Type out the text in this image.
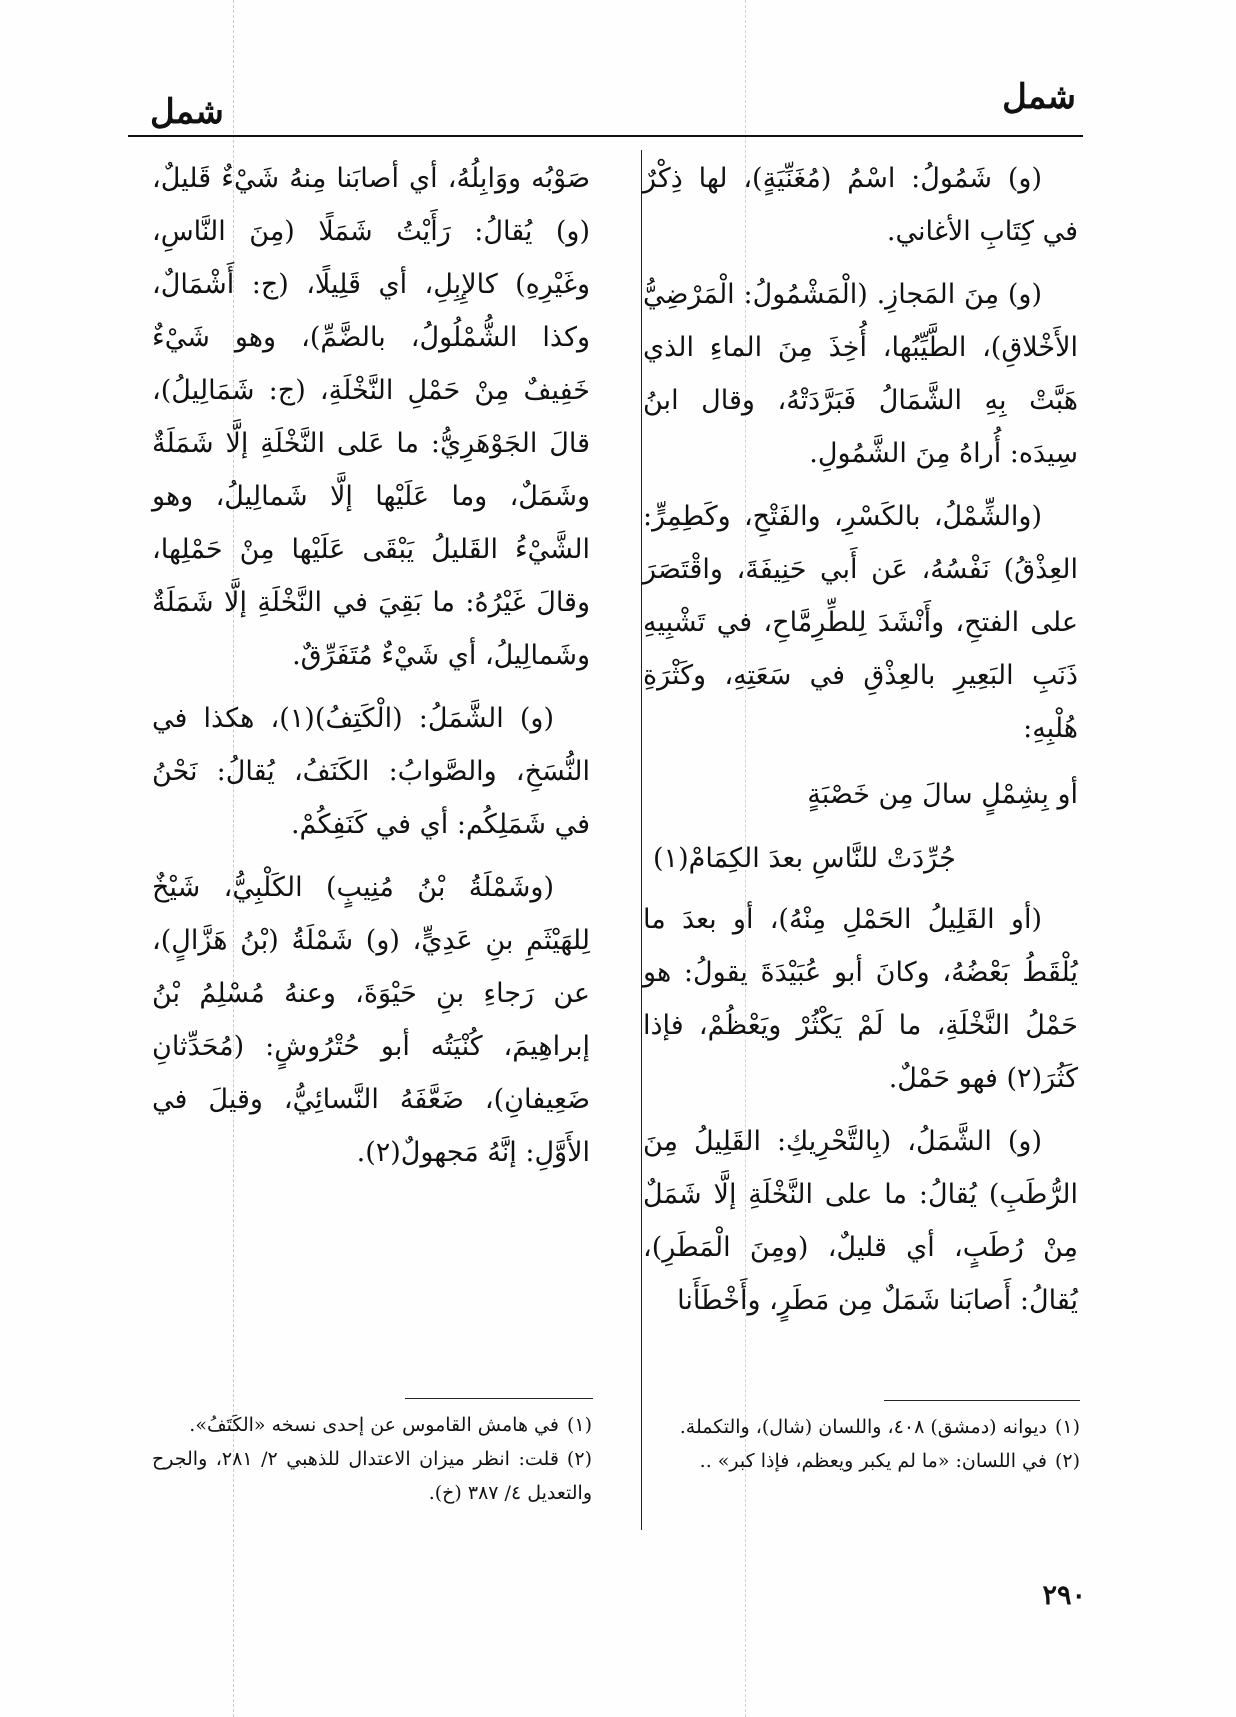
شمل
شمل

(و) شَمُولُ: اسْمُ (مُغَنِّيَةٍ)، لها ذِكْرٌ في كِتَابِ الأغاني.

(و) مِنَ المَجازِ. (الْمَشْمُولُ: الْمَرْضِيُّ الأَخْلاقِ)، الطَّيِّبُها، أُخِذَ مِنَ الماءِ الذي هَبَّتْ بِهِ الشَّمَالُ فَبَرَّدَتْهُ، وقال ابنُ سِيدَه: أُراهُ مِنَ الشَّمُولِ.

(والشِّمْلُ، بالكَسْرِ، والفَتْحِ، وكَطِمِرٍّ: العِذْقُ) نَفْسُهُ، عَن أَبي حَنِيفَةَ، واقْتَصَرَ على الفتحِ، وأَنْشَدَ لِلطِّرِمَّاحِ، في تَشْبِيهِ ذَنَبِ البَعِيرِ بالعِذْقِ في سَعَتِهِ، وكَثْرَةِ هُلْبِهِ:

أو بِشِمْلٍ سالَ مِن خَصْبَةٍ

جُرِّدَتْ للنَّاسِ بعدَ الكِمَامْ(١)

(أو القَلِيلُ الحَمْلِ مِنْهُ)، أو بعدَ ما يُلْقَطُ بَعْضُهُ، وكانَ أبو عُبَيْدَةَ يقولُ: هو حَمْلُ النَّخْلَةِ، ما لَمْ يَكْثُرْ ويَعْظُمْ، فإذا كَثُرَ(٢) فهو حَمْلٌ.

(و) الشَّمَلُ، (بِالتَّحْرِيكِ: القَلِيلُ مِنَ الرُّطَبِ) يُقالُ: ما على النَّخْلَةِ إلَّا شَمَلٌ مِنْ رُطَبٍ، أي قليلٌ، (ومِنَ الْمَطَرِ)، يُقالُ: أَصابَنا شَمَلٌ مِن مَطَرٍ، وأَخْطَأَنا

صَوْبُه ووَابِلُهُ، أي أصابَنا مِنهُ شَيْءٌ قَليلٌ، (و) يُقالُ: رَأَيْتُ شَمَلًا (مِنَ النَّاسِ، وغَيْرِهِ) كالإِبِلِ، أي قَلِيلًا، (ج: أَشْمَالٌ، وكذا الشُّمْلُولُ، بالضَّمِّ)، وهو شَيْءٌ خَفِيفٌ مِنْ حَمْلِ النَّخْلَةِ، (ج: شَمَالِيلُ)، قالَ الجَوْهَرِيُّ: ما عَلى النَّخْلَةِ إلَّا شَمَلَةٌ وشَمَلٌ، وما عَلَيْها إلَّا شَمالِيلُ، وهو الشَّيْءُ القَليلُ يَبْقَى عَلَيْها مِنْ حَمْلِها، وقالَ غَيْرُهُ: ما بَقِيَ في النَّخْلَةِ إلَّا شَمَلَةٌ وشَمالِيلُ، أي شَيْءٌ مُتَفَرِّقٌ.

(و) الشَّمَلُ: (الْكَتِفُ)(١)، هكذا في النُّسَخِ، والصَّوابُ: الكَنَفُ، يُقالُ: نَحْنُ في شَمَلِكُم: أي في كَنَفِكُمْ.

(وشَمْلَةُ بْنُ مُنِيبٍ) الكَلْبِيُّ، شَيْخٌ لِلهَيْثَمِ بنِ عَدِيٍّ، (و) شَمْلَةُ (بْنُ هَزَّالٍ)، عن رَجاءِ بنِ حَيْوَةَ، وعنهُ مُسْلِمُ بْنُ إبراهِيمَ، كُنْيَتُه أبو حُتْرُوشٍ: (مُحَدِّثانِ ضَعِيفانِ)، ضَعَّفَهُ النَّسائِيُّ، وقيلَ في الأَوَّلِ: إنَّهُ مَجهولٌ(٢).

(١)في هامش القاموس عن إحدى نسخه «الكَتَفُ».

(٢)قلت: انظر ميزان الاعتدال للذهبي ٢/ ٢٨١، والجرح والتعديل ٤/ ٣٨٧ (خ).

(١)ديوانه (دمشق) ٤٠٨، واللسان (شال)، والتكملة.

(٢)في اللسان: «ما لم يكبر ويعظم، فإذا كبر» ..

٢٩٠
